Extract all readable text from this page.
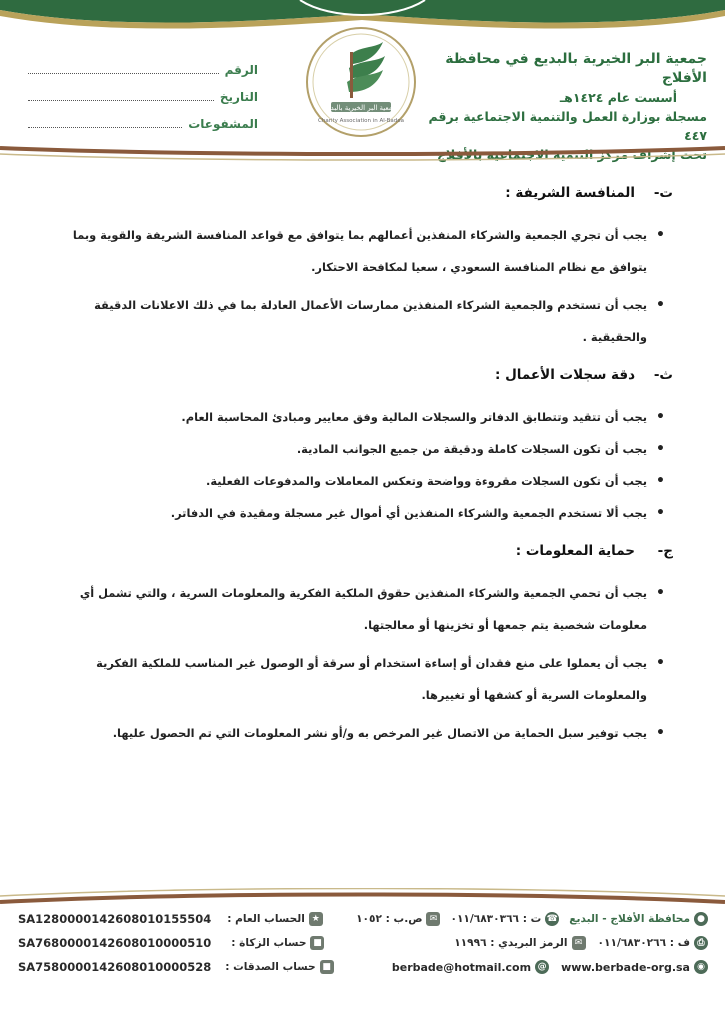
جمعية البر الخيرية بالبديع في محافظة الأفلاج
أسست عام ١٤٢٤هـ
مسجلة بوزارة العمل والتنمية الاجتماعية برقم ٤٤٧
تحت إشراف مركز التنمية الاجتماعية بالأفلاج
جمعية البر الخيرية بالبديع
Charity Association in Al-Badea
الرقم
التاريخ
المشفوعات
ت-المنافسة الشريفة :
• يجب أن تجري الجمعية والشركاء المنفذين أعمالهم بما يتوافق مع قواعد المنافسة الشريفة والقوية وبما يتوافق مع نظام المنافسة السعودي ، سعيا لمكافحة الاحتكار.
• يجب أن تستخدم والجمعية الشركاء المنفذين ممارسات الأعمال العادلة بما في ذلك الاعلانات الدقيقة والحقيقية .
ث-دقة سجلات الأعمال :
• يجب أن تتقيد وتتطابق الدفاتر والسجلات المالية وفق معايير ومبادئ المحاسبة العام.
• يجب أن تكون السجلات كاملة ودقيقة من جميع الجوانب المادية.
• يجب أن تكون السجلات مقروءة وواضحة وتعكس المعاملات والمدفوعات الفعلية.
• يجب ألا تستخدم الجمعية والشركاء المنفذين أي أموال غير مسجلة ومقيدة في الدفاتر.
ج-حماية المعلومات :
• يجب أن تحمي الجمعية والشركاء المنفذين حقوق الملكية الفكرية والمعلومات السرية ، والتي تشمل أي معلومات شخصية يتم جمعها أو تخزينها أو معالجتها.
• يجب أن يعملوا على منع فقدان أو إساءة استخدام أو سرقة أو الوصول غير المناسب للملكية الفكرية والمعلومات السرية أو كشفها أو تغييرها.
• يجب توفير سبل الحماية من الاتصال غير المرخص به و/أو نشر المعلومات التي تم الحصول عليها.
●
محافظة الأفلاج - البديع
☎
ت : ٠١١/٦٨٣٠٣٦٦
✉
ص.ب : ١٠٥٢
⎙
ف : ٠١١/٦٨٣٠٢٦٦
✉
الرمز البريدي : ١١٩٩٦
◉
www.berbade-org.sa
@
berbade@hotmail.com
★
الحساب العام :
SA1280000142608010155504
■
حساب الزكاة :
SA7680000142608010000510
■
حساب الصدقات :
SA7580000142608010000528
